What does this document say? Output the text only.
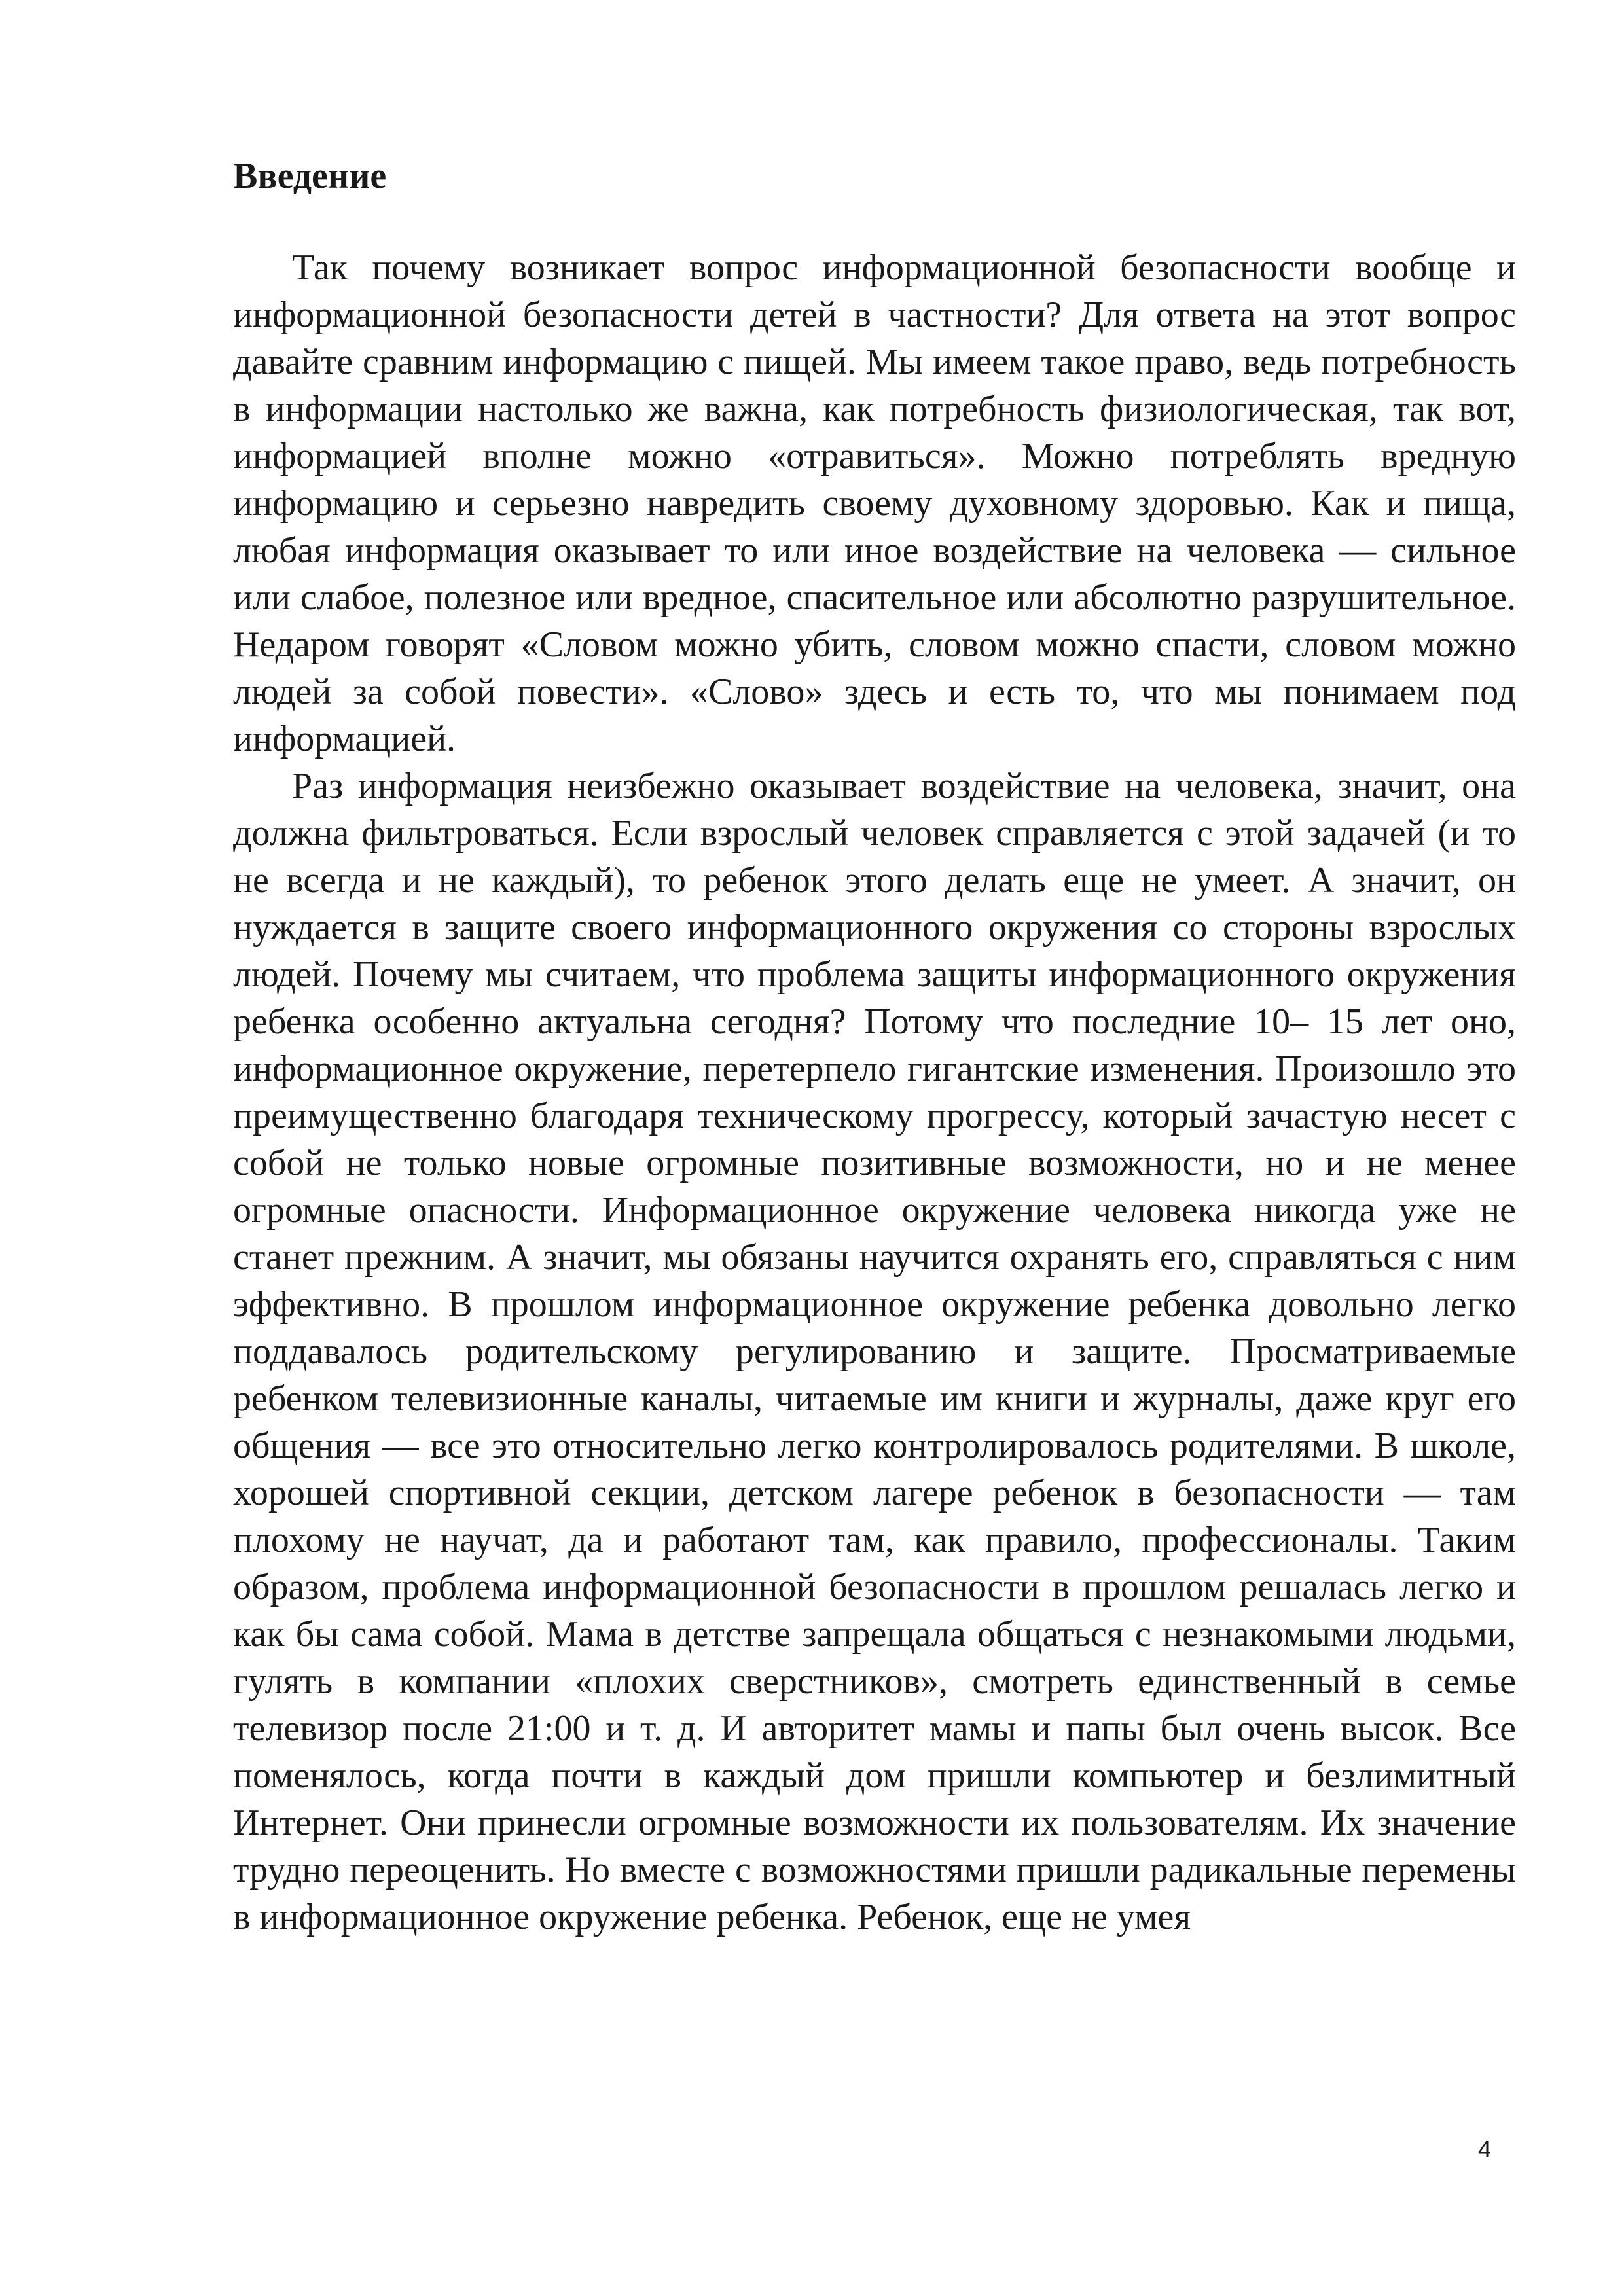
Введение

Так почему возникает вопрос информационной безопасности вообще и информационной безопасности детей в частности? Для ответа на этот вопрос давайте сравним информацию с пищей. Мы имеем такое право, ведь потребность в информации настолько же важна, как потребность физиологическая, так вот, информацией вполне можно «отравиться». Можно потреблять вредную информацию и серьезно навредить своему духовному здоровью. Как и пища, любая информация оказывает то или иное воздействие на человека — сильное или слабое, полезное или вредное, спасительное или абсолютно разрушительное. Недаром говорят «Словом можно убить, словом можно спасти, словом можно людей за собой повести». «Слово» здесь и есть то, что мы понимаем под информацией.

Раз информация неизбежно оказывает воздействие на человека, значит, она должна фильтроваться. Если взрослый человек справляется с этой задачей (и то не всегда и не каждый), то ребенок этого делать еще не умеет. А значит, он нуждается в защите своего информационного окружения со стороны взрослых людей. Почему мы считаем, что проблема защиты информационного окружения ребенка особенно актуальна сегодня? Потому что последние 10– 15 лет оно, информационное окружение, перетерпело гигантские изменения. Произошло это преимущественно благодаря техническому прогрессу, который зачастую несет с собой не только новые огромные позитивные возможности, но и не менее огромные опасности. Информационное окружение человека никогда уже не станет прежним. А значит, мы обязаны научится охранять его, справляться с ним эффективно. В прошлом информационное окружение ребенка довольно легко поддавалось родительскому регулированию и защите. Просматриваемые ребенком телевизионные каналы, читаемые им книги и журналы, даже круг его общения — все это относительно легко контролировалось родителями. В школе, хорошей спортивной секции, детском лагере ребенок в безопасности — там плохому не научат, да и работают там, как правило, профессионалы. Таким образом, проблема информационной безопасности в прошлом решалась легко и как бы сама собой. Мама в детстве запрещала общаться с незнакомыми людьми, гулять в компании «плохих сверстников», смотреть единственный в семье телевизор после 21:00 и т. д. И авторитет мамы и папы был очень высок. Все поменялось, когда почти в каждый дом пришли компьютер и безлимитный Интернет. Они принесли огромные возможности их пользователям. Их значение трудно переоценить. Но вместе с возможностями пришли радикальные перемены в информационное окружение ребенка. Ребенок, еще не умея

4
